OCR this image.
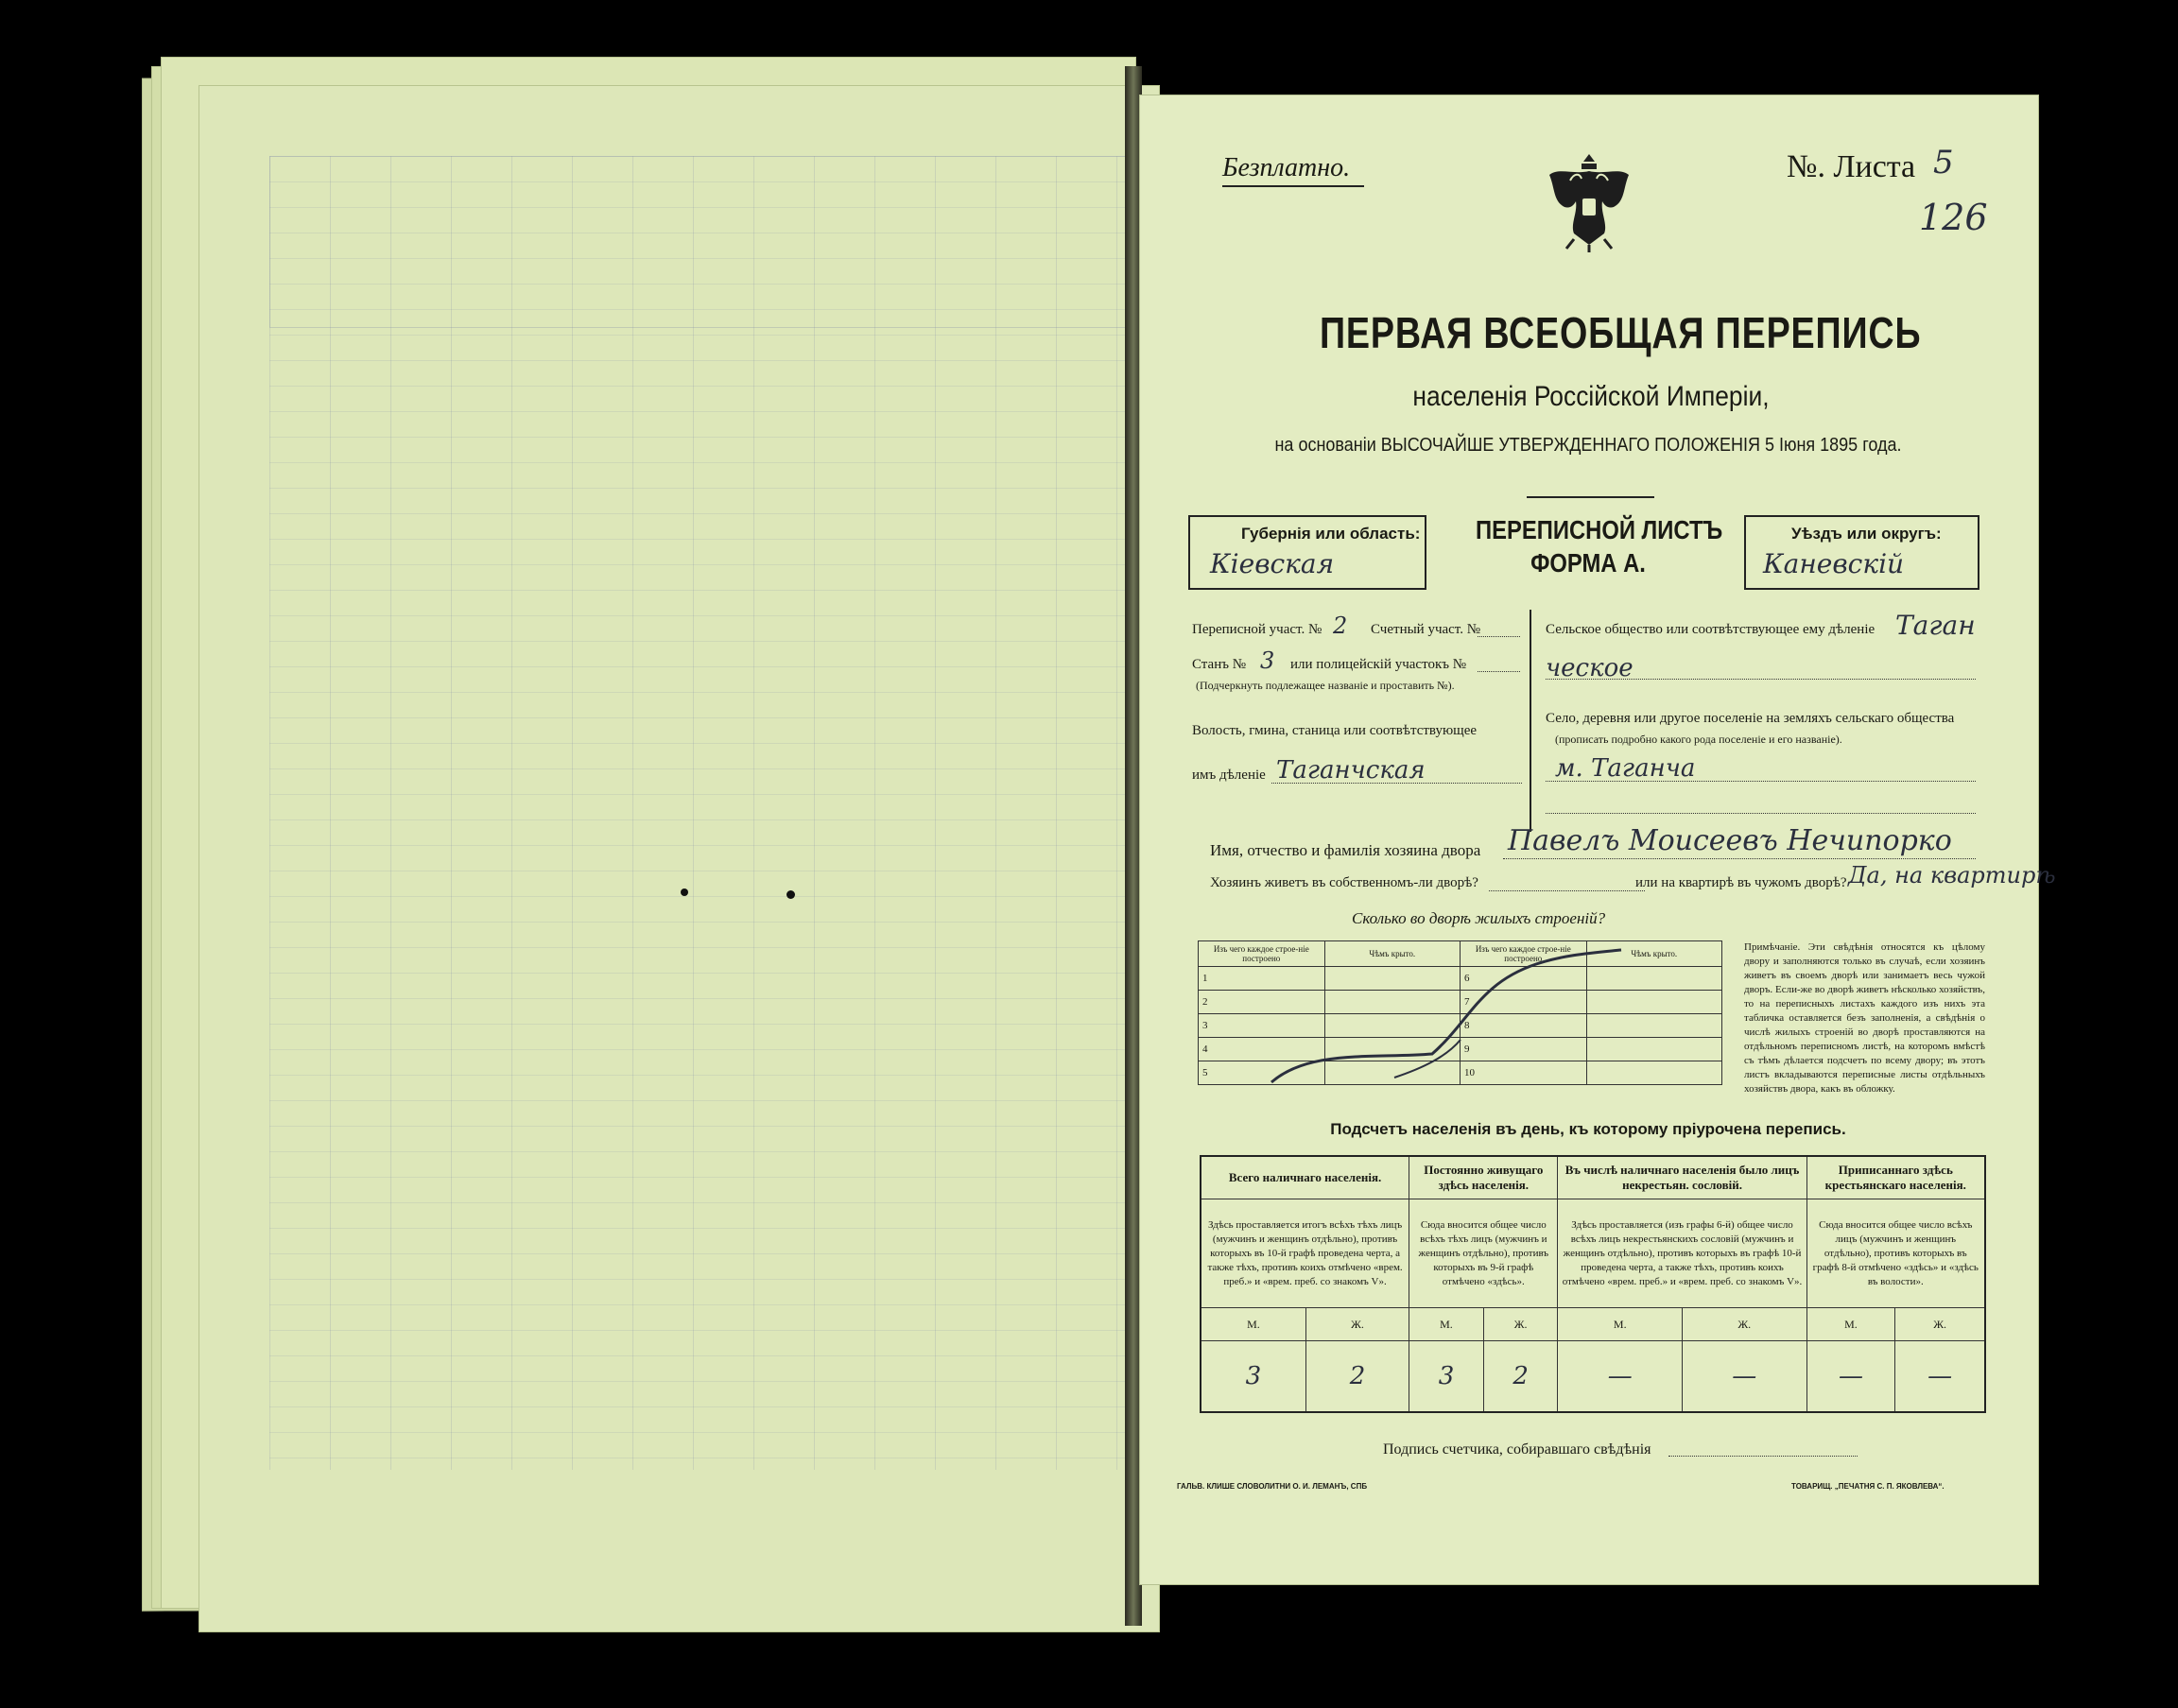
Безплатно.	№. Листа 5
126
ПЕРВАЯ ВСЕОБЩАЯ ПЕРЕПИСЬ
населенія Россійской Имперіи,
на основаніи ВЫСОЧАЙШЕ УТВЕРЖДЕННАГО ПОЛОЖЕНІЯ 5 Іюня 1895 года.
Губернія или область:
Кіевская
ПЕРЕПИСНОЙ ЛИСТЪ
ФОРМА А.
Уѣздъ или округъ:
Каневскій
Переписной участ. № 2 Счетный участ. №
Станъ № 3 или полицейскій участокъ №
(Подчеркнуть подлежащее названіе и проставить №).
Волость, гмина, станица или соотвѣтствующее
имъ дѣленіе Таганчская
Сельское общество или соотвѣтствующее ему дѣленіе Таган
ческое
Село, деревня или другое поселеніе на земляхъ сельскаго общества
(прописать подробно какого рода поселеніе и его названіе).
м. Таганча
Имя, отчество и фамилія хозяина двора Павелъ Моисеевъ Нечипорко
Хозяинъ живетъ въ собственномъ-ли дворѣ?	или на квартирѣ въ чужомъ дворѣ? Да, на квартирѣ
Сколько во дворѣ жилыхъ строеній?
Изъ чего каждое строе-ніе построено	Чѣмъ крыто.	Изъ чего каждое строе-ніе построено	Чѣмъ крыто.
1		6	
2		7	
3		8	
4		9	
5		10	
Примѣчаніе. Эти свѣдѣнія относятся къ цѣлому двору и заполняются только въ случаѣ, если хозяинъ живетъ въ своемъ дворѣ или занимаетъ весь чужой дворъ. Если-же во дворѣ живетъ нѣсколько хозяйствъ, то на переписныхъ листахъ каждого изъ нихъ эта табличка оставляется безъ заполненія, а свѣдѣнія о числѣ жилыхъ строеній во дворѣ проставляются на отдѣльномъ переписномъ листѣ, на которомъ вмѣстѣ съ тѣмъ дѣлается подсчетъ по всему двору; въ этотъ листъ вкладываются переписные листы отдѣльныхъ хозяйствъ двора, какъ въ обложку.
Подсчетъ населенія въ день, къ которому пріурочена перепись.
Всего наличнаго населенія.		Постоянно живущаго здѣсь населенія.		Въ числѣ наличнаго населенія было лицъ некрестьян. сословій.		Приписаннаго здѣсь крестьянскаго населенія.	
Здѣсь проставляется итогъ всѣхъ тѣхъ лицъ (мужчинъ и женщинъ отдѣльно), противъ которыхъ въ 10-й графѣ проведена черта, а также тѣхъ, противъ коихъ отмѣчено «врем. преб.» и «врем. преб. со знакомъ V».		Сюда вносится общее число всѣхъ тѣхъ лицъ (мужчинъ и женщинъ отдѣльно), противъ которыхъ въ 9-й графѣ отмѣчено «здѣсь».		Здѣсь проставляется (изъ графы 6-й) общее число всѣхъ лицъ некрестьянскихъ сословій (мужчинъ и женщинъ отдѣльно), противъ которыхъ въ графѣ 10-й проведена черта, а также тѣхъ, противъ коихъ отмѣчено «врем. преб.» и «врем. преб. со знакомъ V».		Сюда вносится общее число всѣхъ лицъ (мужчинъ и женщинъ отдѣльно), противъ которыхъ въ графѣ 8-й отмѣчено «здѣсь» и «здѣсь въ волости».	
М.	Ж.	М.	Ж.	М.	Ж.	М.	Ж.
3	2	3	2	—	—	—	—
Подпись счетчика, собиравшаго свѣдѣнія
ГАЛЬВ. КЛИШЕ СЛОВОЛИТНИ О. И. ЛЕМАНЪ, СПБ	ТОВАРИЩ. „ПЕЧАТНЯ С. П. ЯКОВЛЕВА“.
